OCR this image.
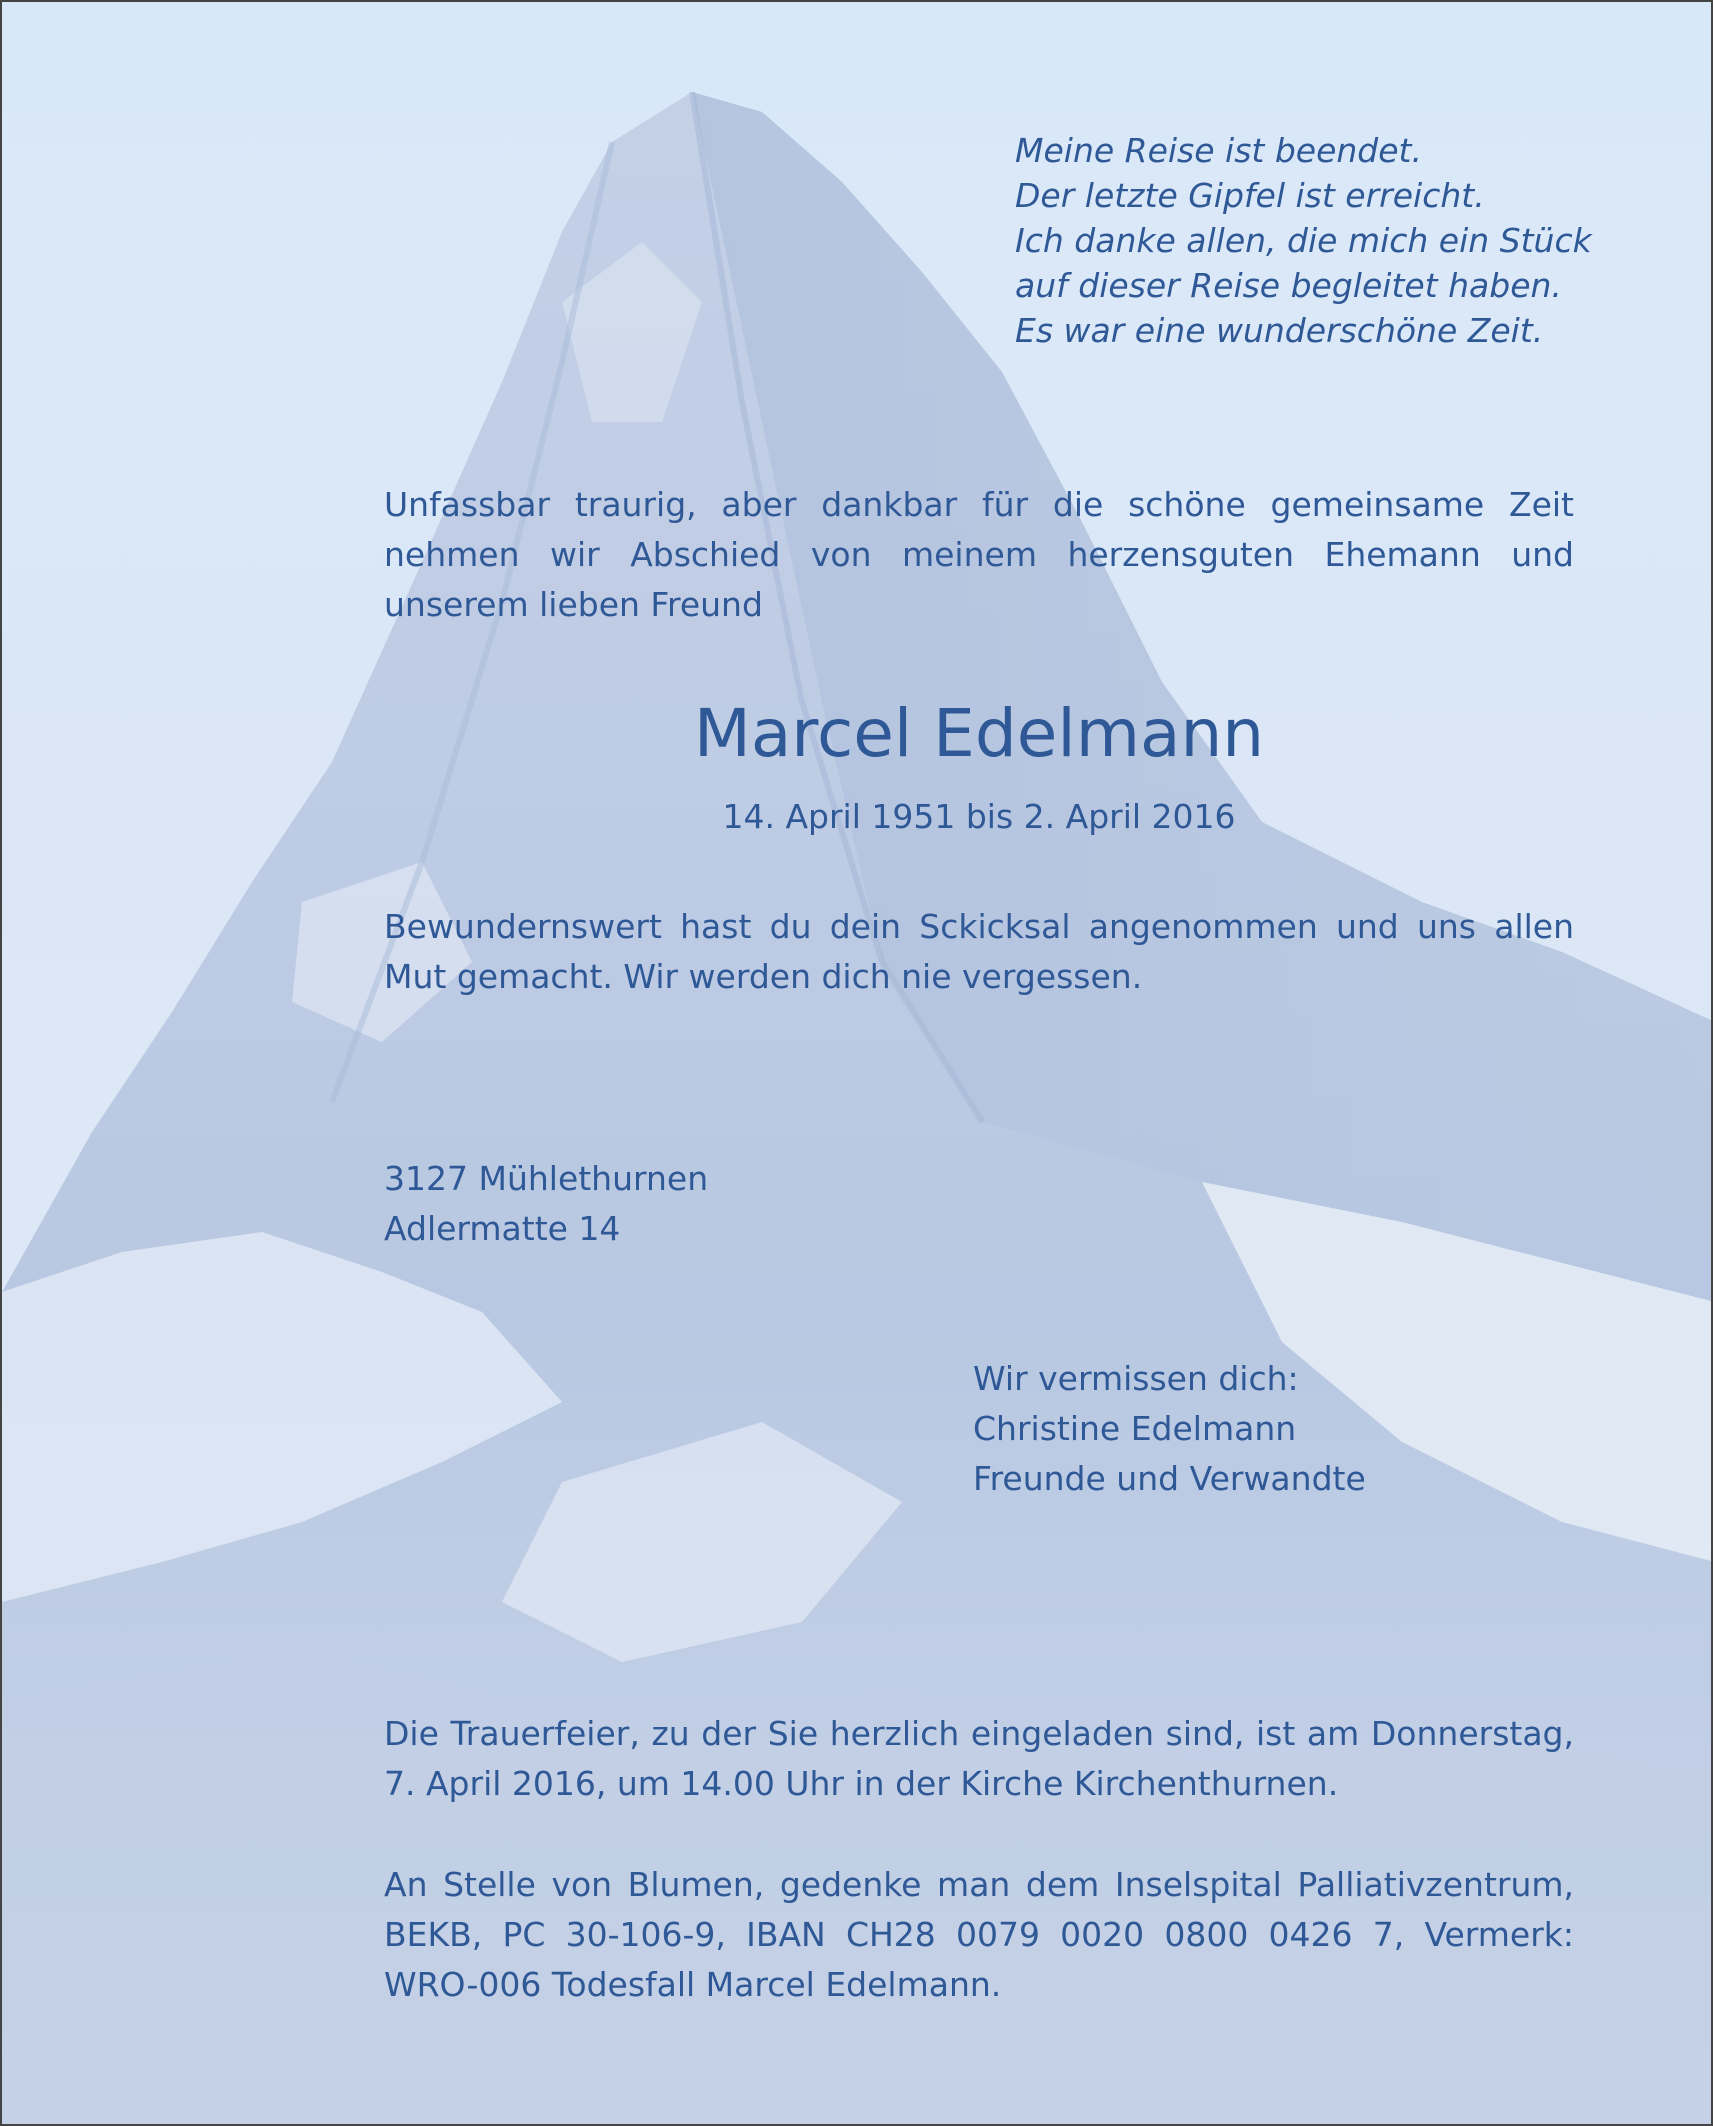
Meine Reise ist beendet.
Der letzte Gipfel ist erreicht.
Ich danke allen, die mich ein Stück
auf dieser Reise begleitet haben.
Es war eine wunderschöne Zeit.
Unfassbar traurig, aber dankbar für die schöne gemeinsame Zeit nehmen wir Abschied von meinem herzensguten Ehemann und unserem lieben Freund
Marcel Edelmann
14. April 1951 bis 2. April 2016
Bewundernswert hast du dein Sckicksal angenommen und uns allen Mut gemacht. Wir werden dich nie vergessen.
3127 Mühlethurnen
Adlermatte 14
Wir vermissen dich:
Christine Edelmann
Freunde und Verwandte
Die Trauerfeier, zu der Sie herzlich eingeladen sind, ist am Donnerstag, 7. April 2016, um 14.00 Uhr in der Kirche Kirchenthurnen.
An Stelle von Blumen, gedenke man dem Inselspital Palliativzentrum, BEKB, PC 30-106-9, IBAN CH28 0079 0020 0800 0426 7, Vermerk: WRO-006 Todesfall Marcel Edelmann.
